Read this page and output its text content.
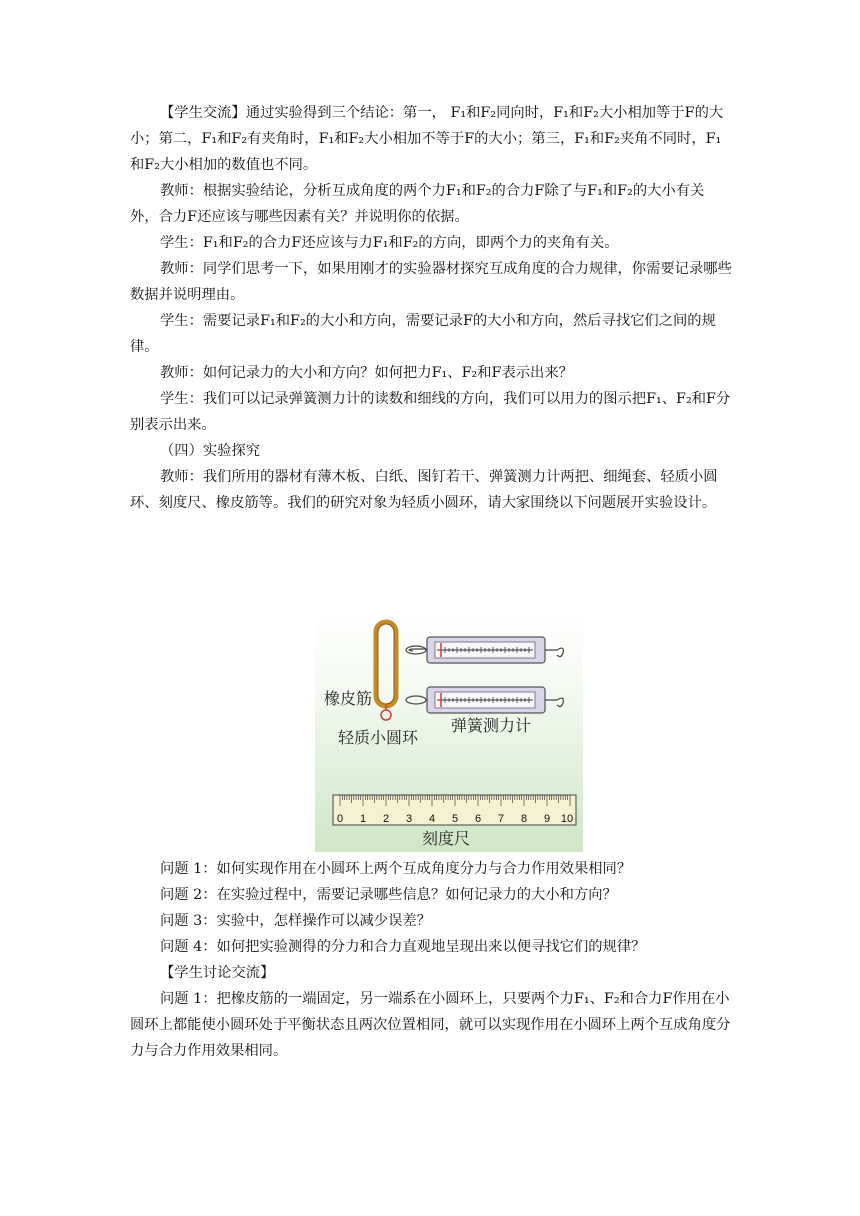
【学生交流】通过实验得到三个结论：第一， F₁和F₂同向时，F₁和F₂大小相加等于F的大小；第二，F₁和F₂有夹角时，F₁和F₂大小相加不等于F的大小；第三，F₁和F₂夹角不同时，F₁和F₂大小相加的数值也不同。

教师：根据实验结论，分析互成角度的两个力F₁和F₂的合力F除了与F₁和F₂的大小有关外，合力F还应该与哪些因素有关？并说明你的依据。

学生：F₁和F₂的合力F还应该与力F₁和F₂的方向，即两个力的夹角有关。

教师：同学们思考一下，如果用刚才的实验器材探究互成角度的合力规律，你需要记录哪些数据并说明理由。

学生：需要记录F₁和F₂的大小和方向，需要记录F的大小和方向，然后寻找它们之间的规律。

教师：如何记录力的大小和方向？如何把力F₁、F₂和F表示出来？

学生：我们可以记录弹簧测力计的读数和细线的方向，我们可以用力的图示把F₁、F₂和F分别表示出来。

（四）实验探究

教师：我们所用的器材有薄木板、白纸、图钉若干、弹簧测力计两把、细绳套、轻质小圆环、刻度尺、橡皮筋等。我们的研究对象为轻质小圆环，请大家围绕以下问题展开实验设计。

橡皮筋
轻质小圆环
弹簧测力计
0 1 2 3 4 5 6 7 8 9 10
刻度尺

问题 1：如何实现作用在小圆环上两个互成角度分力与合力作用效果相同？

问题 2：在实验过程中，需要记录哪些信息？如何记录力的大小和方向？

问题 3：实验中，怎样操作可以减少误差？

问题 4：如何把实验测得的分力和合力直观地呈现出来以便寻找它们的规律？

【学生讨论交流】

问题 1：把橡皮筋的一端固定，另一端系在小圆环上，只要两个力F₁、F₂和合力F作用在小圆环上都能使小圆环处于平衡状态且两次位置相同，就可以实现作用在小圆环上两个互成角度分力与合力作用效果相同。
